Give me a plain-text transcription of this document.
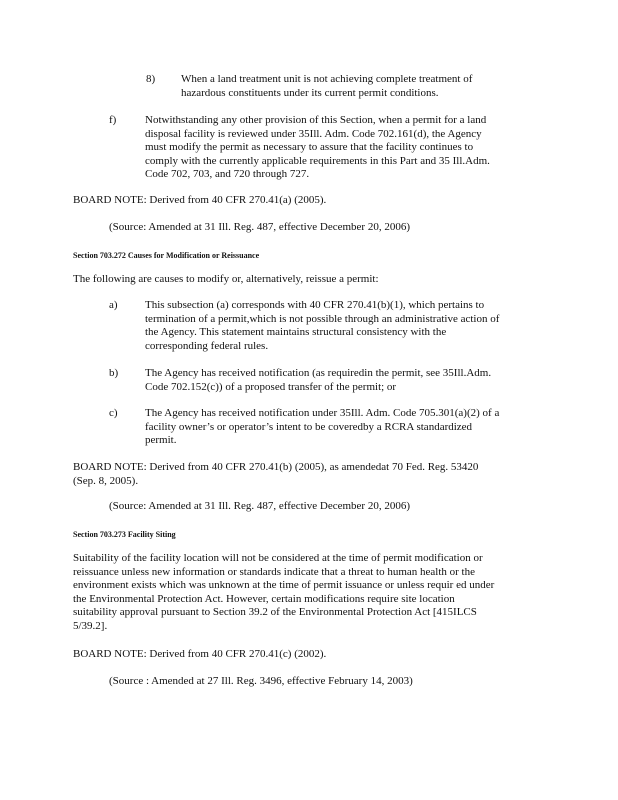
8) When a land treatment unit is not achieving complete treatment of
hazardous constituents under its current permit conditions.
f)	Notwithstanding any other provision of this Section, when a permit for a land
disposal facility is reviewed under 35Ill. Adm. Code 702.161(d), the Agency
must modify the permit as necessary to assure that the facility continues to
comply with the currently applicable requirements in this Part and 35 Ill.Adm.
Code 702, 703, and 720 through 727.
BOARD NOTE: Derived from 40 CFR 270.41(a) (2005).
(Source: Amended at 31 Ill. Reg. 487, effective December 20, 2006)
Section 703.272 Causes for Modification or Reissuance
The following are causes to modify or, alternatively, reissue a permit:
a) This subsection (a) corresponds with 40 CFR 270.41(b)(1), which pertains to
termination of a permit,which is not possible through an administrative action of
the Agency. This statement maintains structural consistency with the
corresponding federal rules.
b) The Agency has received notification (as requiredin the permit, see 35Ill.Adm.
Code 702.152(c)) of a proposed transfer of the permit; or
c) The Agency has received notification under 35Ill. Adm. Code 705.301(a)(2) of a
facility owner’s or operator’s intent to be coveredby a RCRA standardized
permit.
BOARD NOTE: Derived from 40 CFR 270.41(b) (2005), as amendedat 70 Fed. Reg. 53420
(Sep. 8, 2005).
(Source: Amended at 31 Ill. Reg. 487, effective December 20, 2006)
Section 703.273 Facility Siting
Suitability of the facility location will not be considered at the time of permit modification or
reissuance unless new information or standards indicate that a threat to human health or the
environment exists which was unknown at the time of permit issuance or unless requir ed under
the Environmental Protection Act. However, certain modifications require site location
suitability approval pursuant to Section 39.2 of the Environmental Protection Act [415ILCS
5/39.2].
BOARD NOTE: Derived from 40 CFR 270.41(c) (2002).
(Source : Amended at 27 Ill. Reg. 3496, effective February 14, 2003)
